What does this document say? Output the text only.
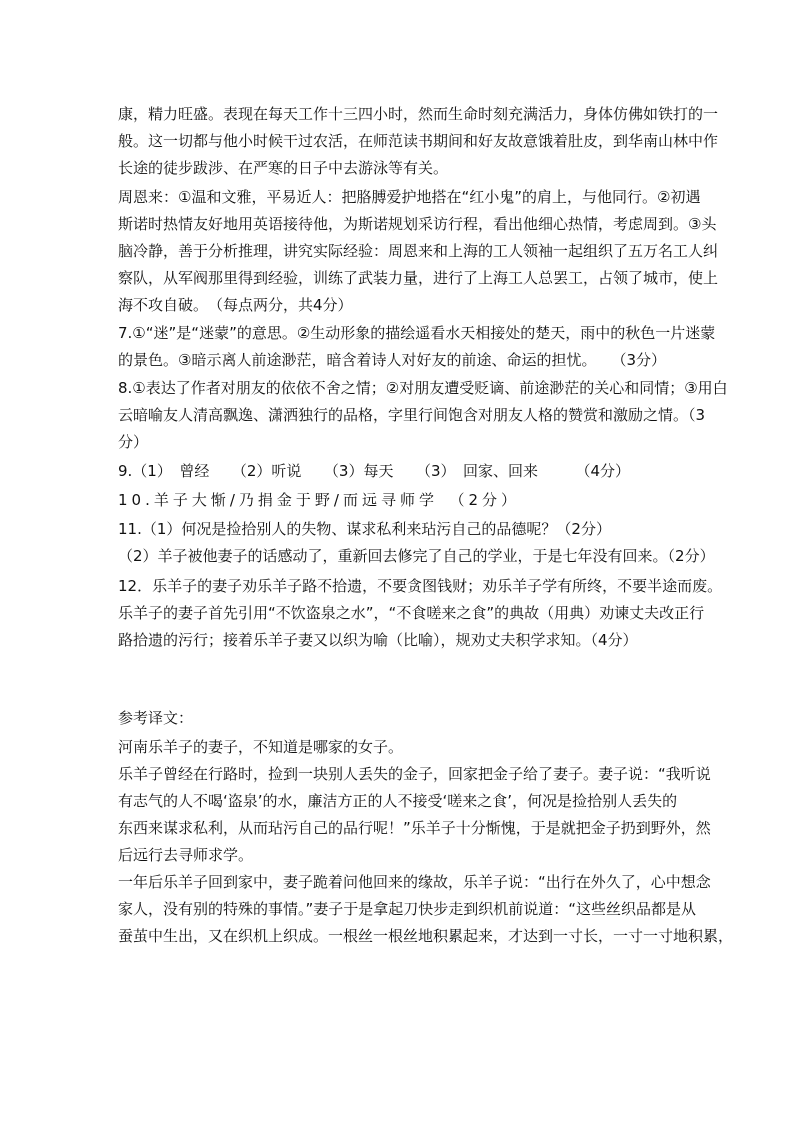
康，精力旺盛。表现在每天工作十三四小时，然而生命时刻充满活力，身体仿佛如铁打的一
般。这一切都与他小时候干过农活，在师范读书期间和好友故意饿着肚皮，到华南山林中作
长途的徒步跋涉、在严寒的日子中去游泳等有关。
周恩来：①温和文雅，平易近人：把胳膊爱护地搭在“红小鬼”的肩上，与他同行。②初遇
斯诺时热情友好地用英语接待他，为斯诺规划采访行程，看出他细心热情，考虑周到。③头
脑冷静，善于分析推理，讲究实际经验：周恩来和上海的工人领袖一起组织了五万名工人纠
察队，从军阀那里得到经验，训练了武装力量，进行了上海工人总罢工，占领了城市，使上
海不攻自破。　（每点两分，共4分）
7.①“迷”是“迷蒙”的意思。②生动形象的描绘遥看水天相接处的楚天，雨中的秋色一片迷蒙
的景色。③暗示离人前途渺茫，暗含着诗人对好友的前途、命运的担忧。　　（3分）
8.①表达了作者对朋友的依依不舍之情；②对朋友遭受贬谪、前途渺茫的关心和同情；③用白
云暗喻友人清高飘逸、潇洒独行的品格，字里行间饱含对朋友人格的赞赏和激励之情。（3
分）
9.（1）　曾经　　（2）听说　　（3）每天　　（3）　回家、回来　　　（4分）
10.羊子大惭/乃捐金于野/而远寻师学　（2分）
11.（1）何况是捡拾别人的失物、谋求私利来玷污自己的品德呢？（2分）
（2）羊子被他妻子的话感动了，重新回去修完了自己的学业，于是七年没有回来。（2分）
12．乐羊子的妻子劝乐羊子路不拾遗，不要贪图钱财；劝乐羊子学有所终，不要半途而废。
乐羊子的妻子首先引用“不饮盗泉之水”，“不食嗟来之食”的典故（用典）劝谏丈夫改正行
路拾遗的污行；接着乐羊子妻又以织为喻（比喻），规劝丈夫积学求知。（4分）
参考译文：
河南乐羊子的妻子，不知道是哪家的女子。
乐羊子曾经在行路时，捡到一块别人丢失的金子，回家把金子给了妻子。妻子说：“我听说
有志气的人不喝‘盗泉’的水，廉洁方正的人不接受‘嗟来之食’，何况是捡拾别人丢失的
东西来谋求私利，从而玷污自己的品行呢！”乐羊子十分惭愧，于是就把金子扔到野外，然
后远行去寻师求学。
一年后乐羊子回到家中，妻子跪着问他回来的缘故，乐羊子说：“出行在外久了，心中想念
家人，没有别的特殊的事情。”妻子于是拿起刀快步走到织机前说道：“这些丝织品都是从
蚕茧中生出，又在织机上织成。一根丝一根丝地积累起来，才达到一寸长，一寸一寸地积累，
